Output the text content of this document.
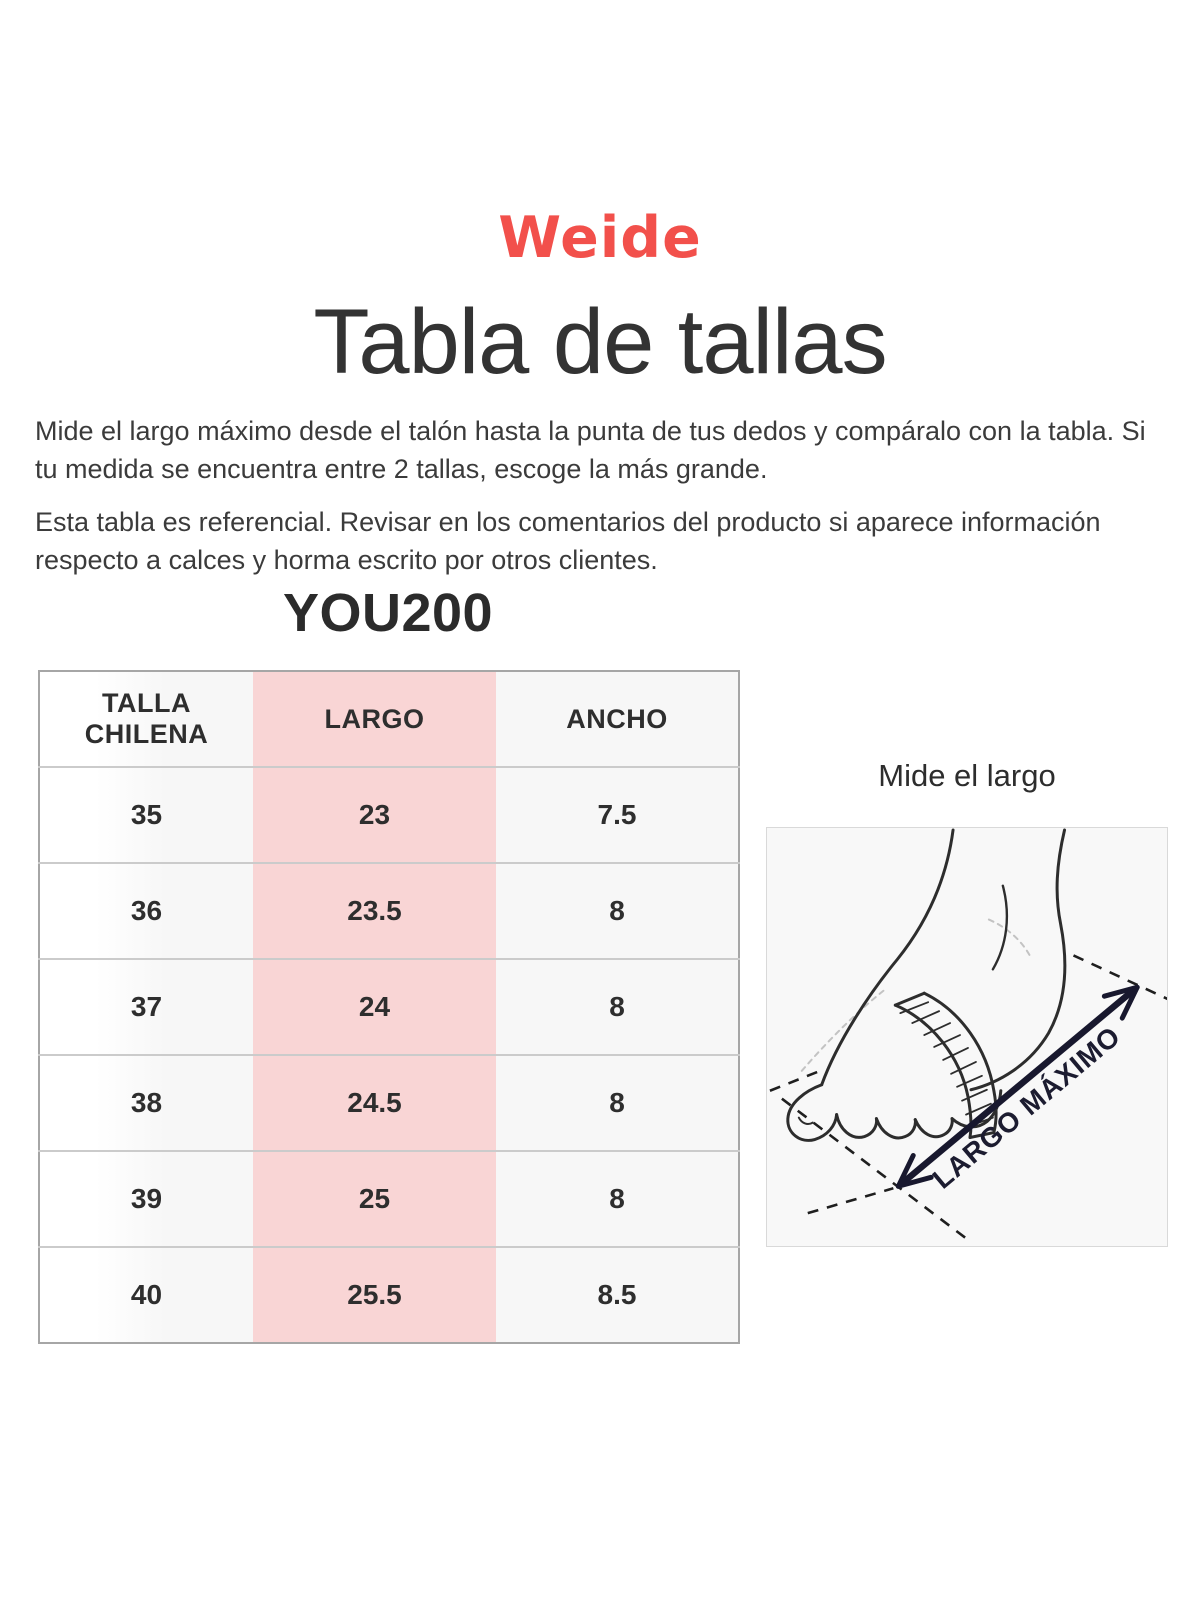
Weide
Tabla de tallas

Mide el largo máximo desde el talón hasta la punta de tus dedos y compáralo con la tabla. Si tu medida se encuentra entre 2 tallas, escoge la más grande.

Esta tabla es referencial. Revisar en los comentarios del producto si aparece información respecto a calces y horma escrito por otros clientes.

YOU200
TALLA CHILENA	LARGO	ANCHO
35	23	7.5
36	23.5	8
37	24	8
38	24.5	8
39	25	8
40	25.5	8.5
Mide el largo
LARGO MÁXIMO
